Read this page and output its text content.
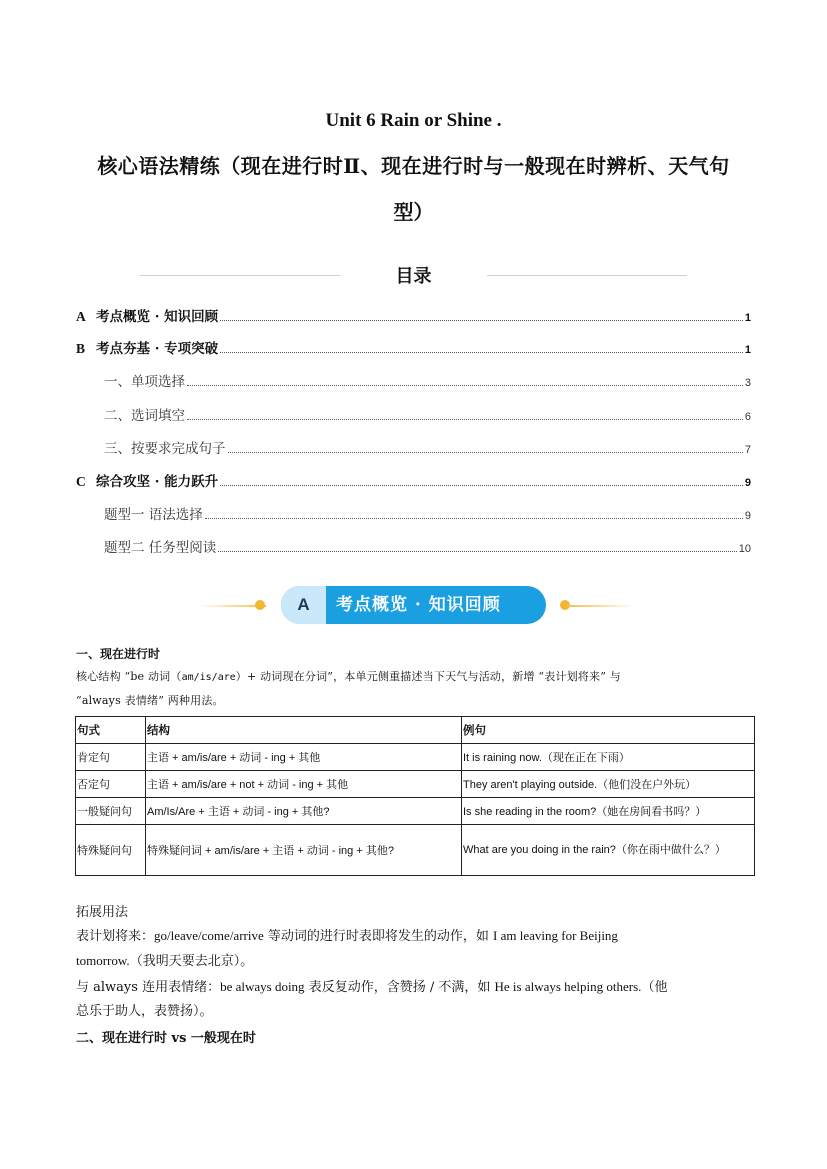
Unit 6 Rain or Shine .
核心语法精练（现在进行时Ⅱ、现在进行时与一般现在时辨析、天气句
型）
目录
A 考点概览 · 知识回顾	1
B 考点夯基 · 专项突破	1
一、单项选择	3
二、选词填空	6
三、按要求完成句子	7
C 综合攻坚 · 能力跃升	9
题型一 语法选择	9
题型二 任务型阅读	10
A	考点概览 · 知识回顾
一、现在进行时
核心结构 “be 动词（am/is/are）+ 动词现在分词”，本单元侧重描述当下天气与活动，新增 “表计划将来” 与
“always 表情绪” 两种用法。
句式	结构	例句
肯定句	主语 + am/is/are + 动词 - ing + 其他	It is raining now.（现在正在下雨）
否定句	主语 + am/is/are + not + 动词 - ing + 其他	They aren't playing outside.（他们没在户外玩）
一般疑问句	Am/Is/Are + 主语 + 动词 - ing + 其他?	Is she reading in the room?（她在房间看书吗？）
特殊疑问句	特殊疑问词 + am/is/are + 主语 + 动词 - ing + 其他?	What are you doing in the rain?（你在雨中做什么？）
拓展用法
表计划将来：go/leave/come/arrive 等动词的进行时表即将发生的动作，如 I am leaving for Beijing
tomorrow.（我明天要去北京）。
与 always 连用表情绪：be always doing 表反复动作，含赞扬 / 不满，如 He is always helping others.（他
总乐于助人，表赞扬）。
二、现在进行时 vs 一般现在时
